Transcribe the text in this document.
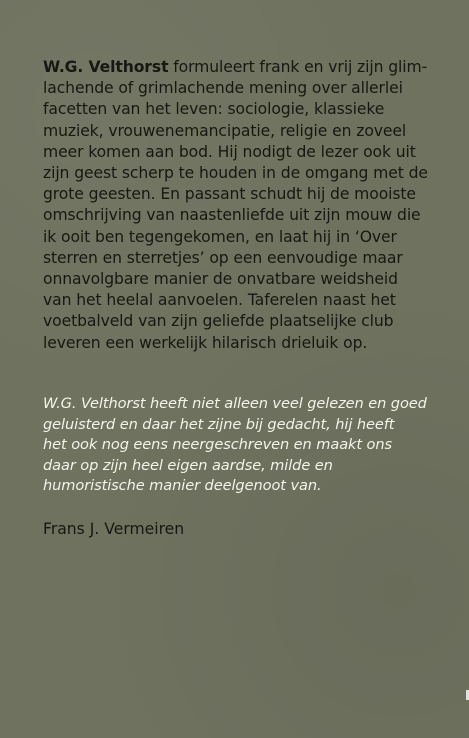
W.G. Velthorst formuleert frank en vrij zijn glim-
lachende of grimlachende mening over allerlei
facetten van het leven: sociologie, klassieke
muziek, vrouwenemancipatie, religie en zoveel
meer komen aan bod. Hij nodigt de lezer ook uit
zijn geest scherp te houden in de omgang met de
grote geesten. En passant schudt hij de mooiste
omschrijving van naastenliefde uit zijn mouw die
ik ooit ben tegengekomen, en laat hij in ‘Over
sterren en sterretjes’ op een eenvoudige maar
onnavolgbare manier de onvatbare weidsheid
van het heelal aanvoelen. Taferelen naast het
voetbalveld van zijn geliefde plaatselijke club
leveren een werkelijk hilarisch drieluik op.
W.G. Velthorst heeft niet alleen veel gelezen en goed
geluisterd en daar het zijne bij gedacht, hij heeft
het ook nog eens neergeschreven en maakt ons
daar op zijn heel eigen aardse, milde en
humoristische manier deelgenoot van.
Frans J. Vermeiren
